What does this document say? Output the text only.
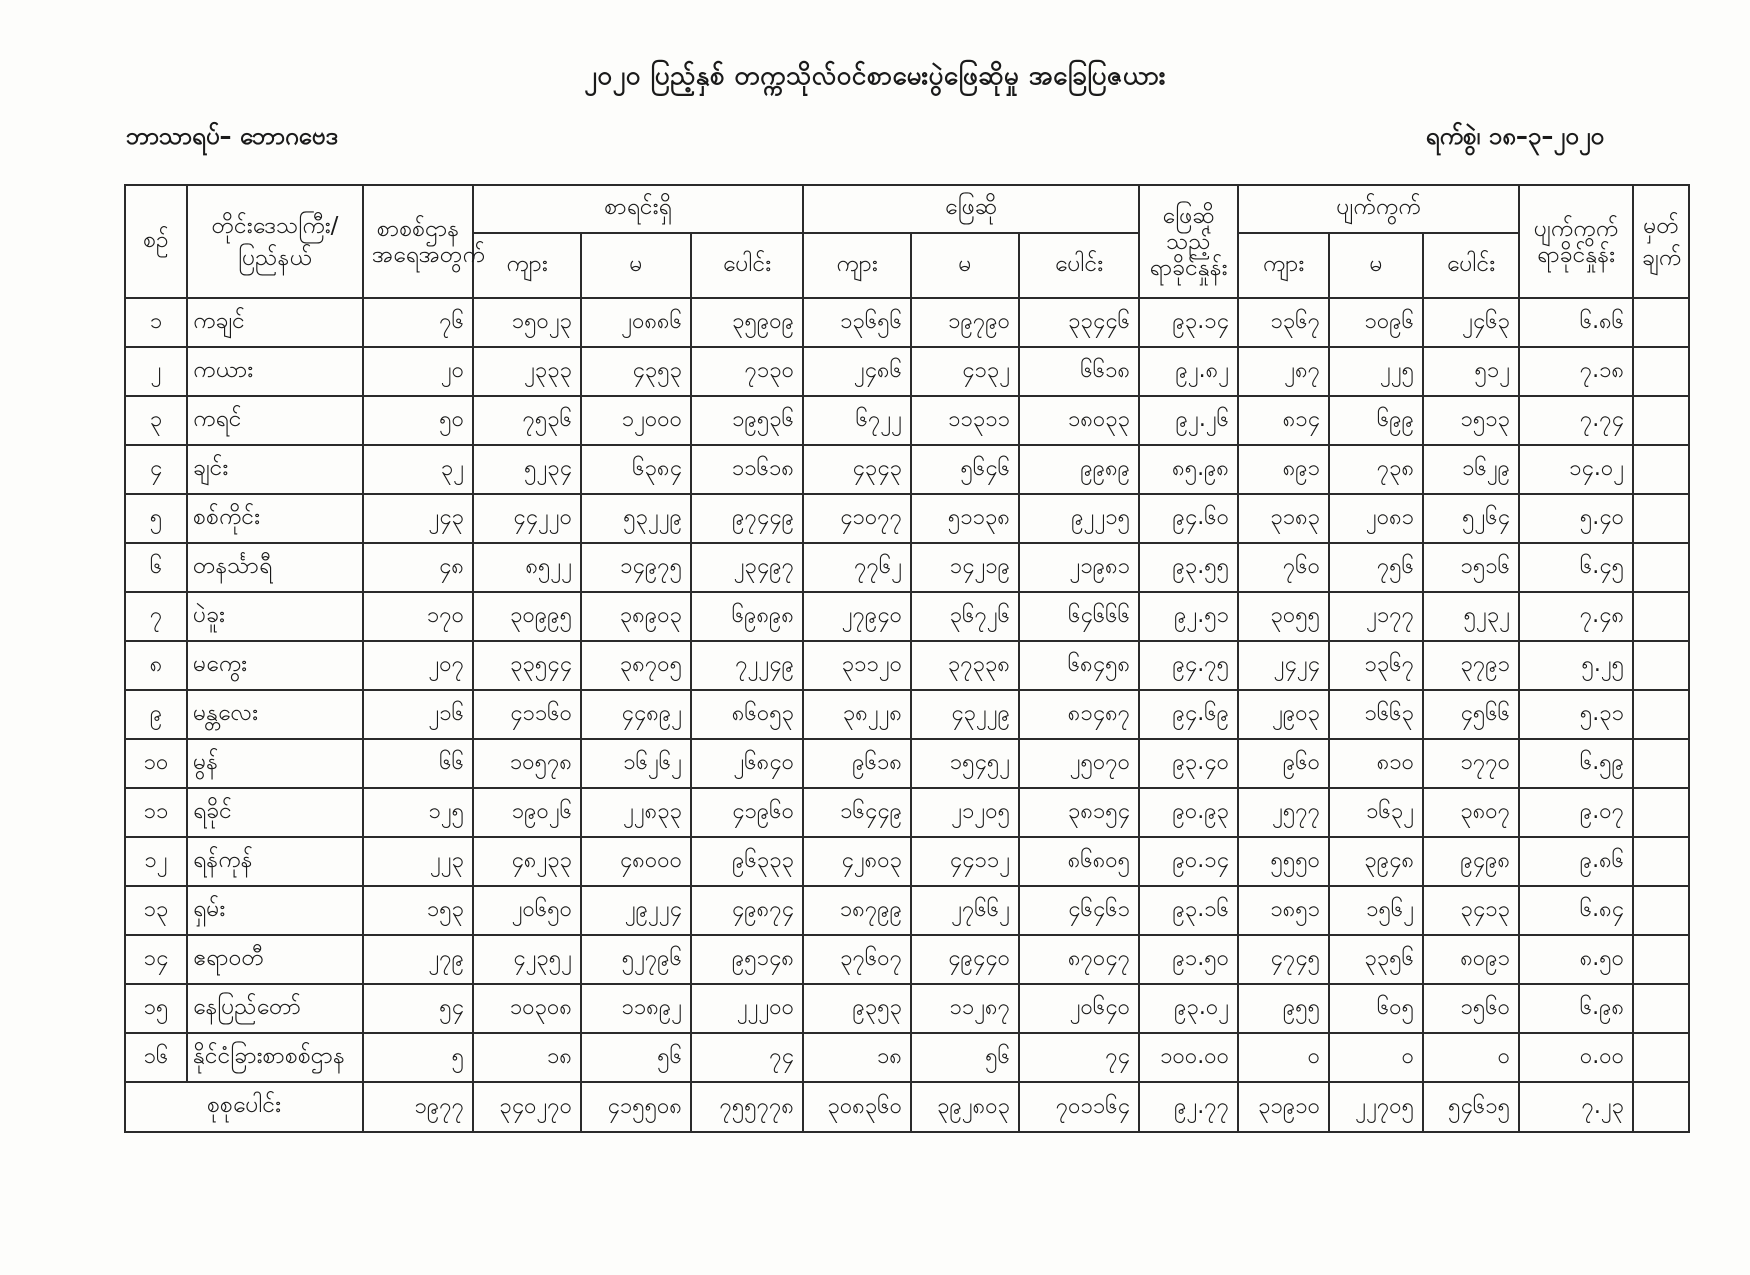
၂၀၂၀ ပြည့်နှစ် တက္ကသိုလ်ဝင်စာမေးပွဲဖြေဆိုမှု အခြေပြဇယား
ဘာသာရပ်– ဘောဂဗေဒ	ရက်စွဲ၊ ၁၈–၃–၂၀၂၀
စဉ်	တိုင်းဒေသကြီး/ ပြည်နယ်	စာစစ်ဌာန အရေအတွက်	စာရင်းရှိ			ဖြေဆို			ဖြေဆိုသည့် ရာခိုင်နှုန်း	ပျက်ကွက်			ပျက်ကွက် ရာခိုင်နှုန်း	မှတ် ချက်
			ကျား	မ	ပေါင်း	ကျား	မ	ပေါင်း		ကျား	မ	ပေါင်း		
၁	ကချင်	၇၆	၁၅၀၂၃	၂၀၈၈၆	၃၅၉၀၉	၁၃၆၅၆	၁၉၇၉၀	၃၃၄၄၆	၉၃.၁၄	၁၃၆၇	၁၀၉၆	၂၄၆၃	၆.၈၆	
၂	ကယား	၂၀	၂၃၃၃	၄၃၅၃	၇၁၃၀	၂၄၈၆	၄၁၃၂	၆၆၁၈	၉၂.၈၂	၂၈၇	၂၂၅	၅၁၂	၇.၁၈	
၃	ကရင်	၅၀	၇၅၃၆	၁၂၀၀၀	၁၉၅၃၆	၆၇၂၂	၁၁၃၁၁	၁၈၀၃၃	၉၂.၂၆	၈၁၄	၆၉၉	၁၅၁၃	၇.၇၄	
၄	ချင်း	၃၂	၅၂၃၄	၆၃၈၄	၁၁၆၁၈	၄၃၄၃	၅၆၄၆	၉၉၈၉	၈၅.၉၈	၈၉၁	၇၃၈	၁၆၂၉	၁၄.၀၂	
၅	စစ်ကိုင်း	၂၄၃	၄၄၂၂၀	၅၃၂၂၉	၉၇၄၄၉	၄၁၀၇၇	၅၁၁၃၈	၉၂၂၁၅	၉၄.၆၀	၃၁၈၃	၂၀၈၁	၅၂၆၄	၅.၄၀	
၆	တနင်္သာရီ	၄၈	၈၅၂၂	၁၄၉၇၅	၂၃၄၉၇	၇၇၆၂	၁၄၂၁၉	၂၁၉၈၁	၉၃.၅၅	၇၆၀	၇၅၆	၁၅၁၆	၆.၄၅	
၇	ပဲခူး	၁၇၀	၃၀၉၉၅	၃၈၉၀၃	၆၉၈၉၈	၂၇၉၄၀	၃၆၇၂၆	၆၄၆၆၆	၉၂.၅၁	၃၀၅၅	၂၁၇၇	၅၂၃၂	၇.၄၈	
၈	မကွေး	၂၀၇	၃၃၅၄၄	၃၈၇၀၅	၇၂၂၄၉	၃၁၁၂၀	၃၇၃၃၈	၆၈၄၅၈	၉၄.၇၅	၂၄၂၄	၁၃၆၇	၃၇၉၁	၅.၂၅	
၉	မန္တလေး	၂၁၆	၄၁၁၆၀	၄၄၈၉၂	၈၆၀၅၃	၃၈၂၂၈	၄၃၂၂၉	၈၁၄၈၇	၉၄.၆၉	၂၉၀၃	၁၆၆၃	၄၅၆၆	၅.၃၁	
၁၀	မွန်	၆၆	၁၀၅၇၈	၁၆၂၆၂	၂၆၈၄၀	၉၆၁၈	၁၅၄၅၂	၂၅၀၇၀	၉၃.၄၀	၉၆၀	၈၁၀	၁၇၇၀	၆.၅၉	
၁၁	ရခိုင်	၁၂၅	၁၉၀၂၆	၂၂၈၃၃	၄၁၉၆၀	၁၆၄၄၉	၂၁၂၀၅	၃၈၁၅၄	၉၀.၉၃	၂၅၇၇	၁၆၃၂	၃၈၀၇	၉.၀၇	
၁၂	ရန်ကုန်	၂၂၃	၄၈၂၃၃	၄၈၀၀၀	၉၆၃၃၃	၄၂၈၀၃	၄၄၁၁၂	၈၆၈၀၅	၉၀.၁၄	၅၅၅၀	၃၉၄၈	၉၄၉၈	၉.၈၆	
၁၃	ရှမ်း	၁၅၃	၂၀၆၅၀	၂၉၂၂၄	၄၉၈၇၄	၁၈၇၉၉	၂၇၆၆၂	၄၆၄၆၁	၉၃.၁၆	၁၈၅၁	၁၅၆၂	၃၄၁၃	၆.၈၄	
၁၄	ဧရာဝတီ	၂၇၉	၄၂၃၅၂	၅၂၇၉၆	၉၅၁၄၈	၃၇၆၀၇	၄၉၄၄၀	၈၇၀၄၇	၉၁.၅၀	၄၇၄၅	၃၃၅၆	၈၀၉၁	၈.၅၀	
၁၅	နေပြည်တော်	၅၄	၁၀၃၀၈	၁၁၈၉၂	၂၂၂၀၀	၉၃၅၃	၁၁၂၈၇	၂၀၆၄၀	၉၃.၀၂	၉၅၅	၆၀၅	၁၅၆၀	၆.၉၈	
၁၆	နိုင်ငံခြားစာစစ်ဌာန	၅	၁၈	၅၆	၇၄	၁၈	၅၆	၇၄	၁၀၀.၀၀	၀	၀	၀	၀.၀၀	
စုစုပေါင်း		၁၉၇၇	၃၄၀၂၇၀	၄၁၅၅၀၈	၇၅၅၇၇၈	၃၀၈၃၆၀	၃၉၂၈၀၃	၇၀၁၁၆၄	၉၂.၇၇	၃၁၉၁၀	၂၂၇၀၅	၅၄၆၁၅	၇.၂၃	
